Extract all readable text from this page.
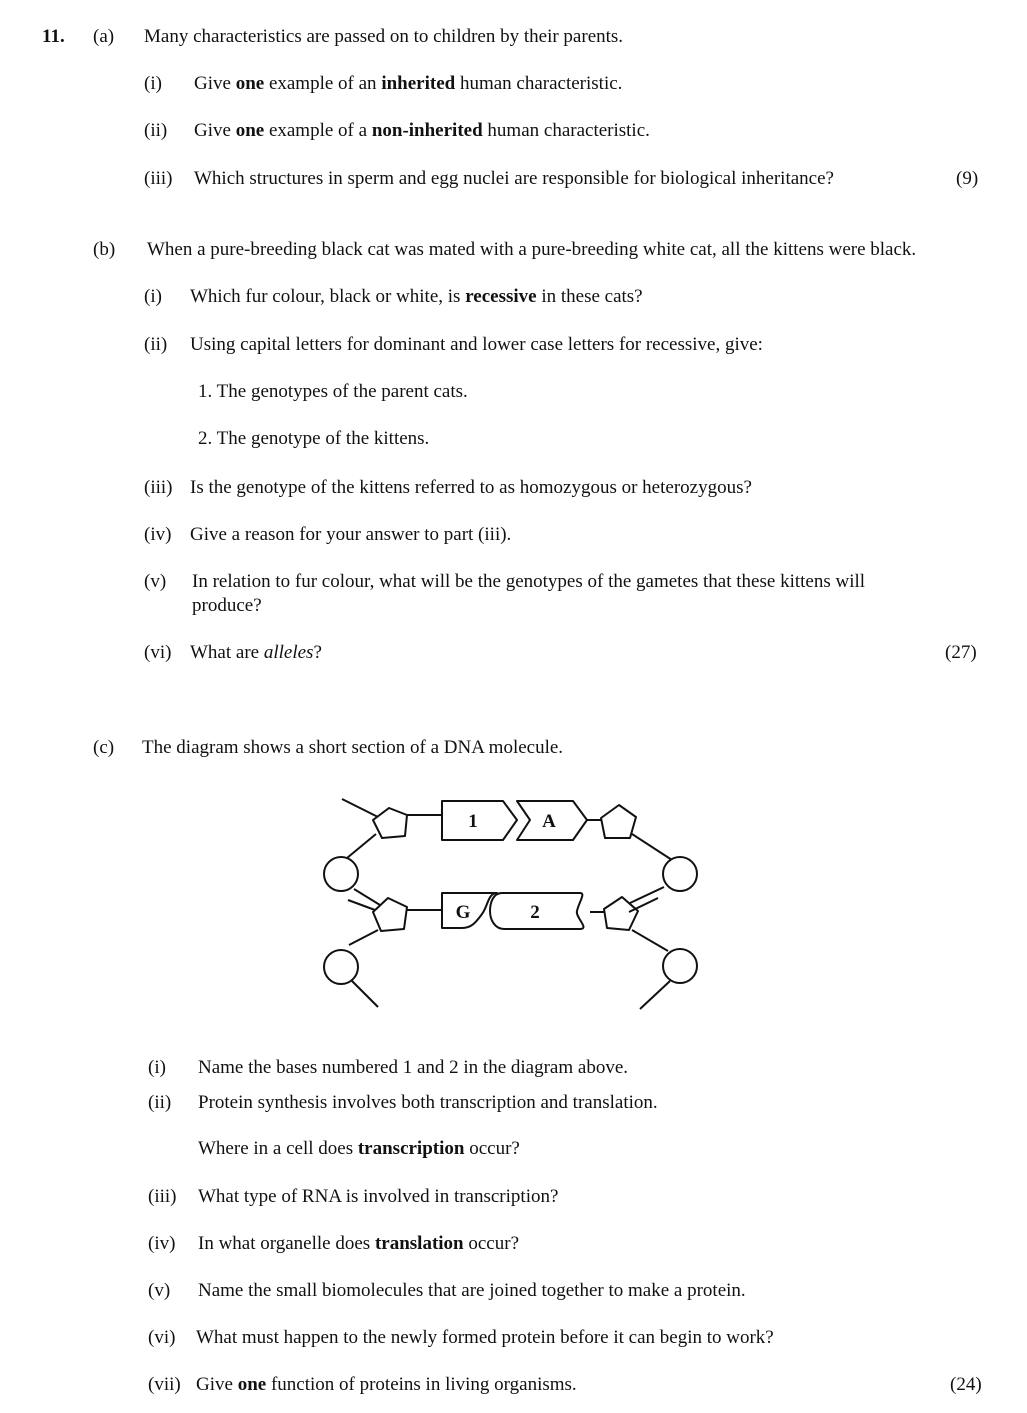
11. (a) Many characteristics are passed on to children by their parents.
(i) Give one example of an inherited human characteristic.
(ii) Give one example of a non-inherited human characteristic.
(iii) Which structures in sperm and egg nuclei are responsible for biological inheritance?	(9)
(b) When a pure-breeding black cat was mated with a pure-breeding white cat, all the kittens were black.
(i) Which fur colour, black or white, is recessive in these cats?
(ii) Using capital letters for dominant and lower case letters for recessive, give:
1. The genotypes of the parent cats.
2. The genotype of the kittens.
(iii) Is the genotype of the kittens referred to as homozygous or heterozygous?
(iv) Give a reason for your answer to part (iii).
(v) In relation to fur colour, what will be the genotypes of the gametes that these kittens will
produce?
(vi) What are alleles?	(27)
(c) The diagram shows a short section of a DNA molecule.
1	A
G	2
(i) Name the bases numbered 1 and 2 in the diagram above.
(ii) Protein synthesis involves both transcription and translation.
Where in a cell does transcription occur?
(iii) What type of RNA is involved in transcription?
(iv) In what organelle does translation occur?
(v) Name the small biomolecules that are joined together to make a protein.
(vi) What must happen to the newly formed protein before it can begin to work?
(vii) Give one function of proteins in living organisms.	(24)
